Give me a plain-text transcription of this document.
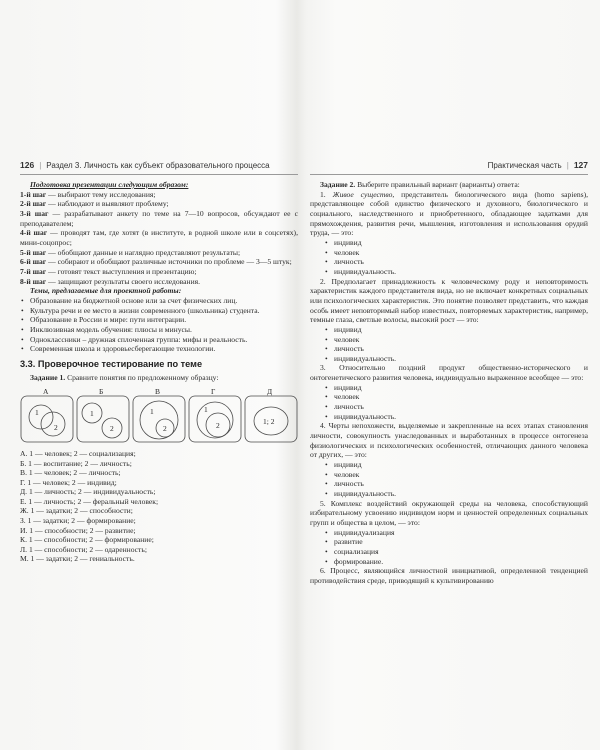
126 | Раздел 3. Личность как субъект образовательного процесса	Практическая часть | 127

Подготовка презентации следующим образом:

1-й шаг — выбирают тему исследования;

2-й шаг — наблюдают и выявляют проблему;

3-й шаг — разрабатывают анкету по теме на 7—10 вопросов, обсуждают ее с преподавателем;

4-й шаг — проводят там, где хотят (в институте, в родной школе или в соцсетях), мини-соцопрос;

5-й шаг — обобщают данные и наглядно представляют результаты;

6-й шаг — собирают и обобщают различные источники по проблеме — 3—5 штук;

7-й шаг — готовят текст выступления и презентацию;

8-й шаг — защищают результаты своего исследования.

Темы, предлагаемые для проектной работы:

• Образование на бюджетной основе или за счет физических лиц.
• Культура речи и ее место в жизни современного (школьника) студента.
• Образование в России и мире: пути интеграции.
• Инклюзивная модель обучения: плюсы и минусы.
• Одноклассники – дружная сплоченная группа: мифы и реальность.
• Современная школа и здоровьесберегающие технологии.
3.3. Проверочное тестирование по теме

Задание 1. Сравните понятия по предложенному образцу:

А	Б	В	Г	Д
1
2
1
2
1
2
1
2	1; 2

А. 1 — человек; 2 — социализация;

Б. 1 — воспитание; 2 — личность;

В. 1 — человек; 2 — личность;

Г. 1 — человек; 2 — индивид;

Д. 1 — личность; 2 — индивидуальность;

Е. 1 — личность; 2 — феральный человек;

Ж. 1 — задатки; 2 — способности;

З. 1 — задатки; 2 — формирование;

И. 1 — способности; 2 — развитие;

К. 1 — способности; 2 — формирование;

Л. 1 — способности; 2 — одаренность;

М. 1 — задатки; 2 — гениальность.

Задание 2. Выберите правильный вариант (варианты) ответа:

1. Живое существо, представитель биологического вида (homo sapiens), представляющее собой единство физического и духовного, биологического и социального, наследственного и приобретенного, обладающее задатками для прямохождения, развития речи, мышления, изготовления и использования орудий труда, — это:

• индивид
• человек
• личность
• индивидуальность.

2. Предполагает принадлежность к человеческому роду и неповторимость характеристик каждого представителя вида, но не включает конкретных социальных или психологических характеристик. Это понятие позволяет представить, что каждая особь имеет неповторимый набор известных, повторяемых характеристик, например, темные глаза, светлые волосы, высокий рост — это:

• индивид
• человек
• личность
• индивидуальность.

3. Относительно поздний продукт общественно-исторического и онтогенетического развития человека, индивидуально выраженное всеобщее — это:

• индивид
• человек
• личность
• индивидуальность.

4. Черты непохожести, выделяемые и закрепленные на всех этапах становления личности, совокупность унаследованных и выработанных в процессе онтогенеза физиологических и психологических особенностей, отличающих данного человека от других, — это:

• индивид
• человек
• личность
• индивидуальность.

5. Комплекс воздействий окружающей среды на человека, способствующий избирательному усвоению индивидом норм и ценностей определенных социальных групп и общества в целом, — это:

• индивидуализация
• развитие
• социализация
• формирование.

6. Процесс, являющийся личностной инициативой, определенной тенденцией противодействия среде, приводящий к культивированию
